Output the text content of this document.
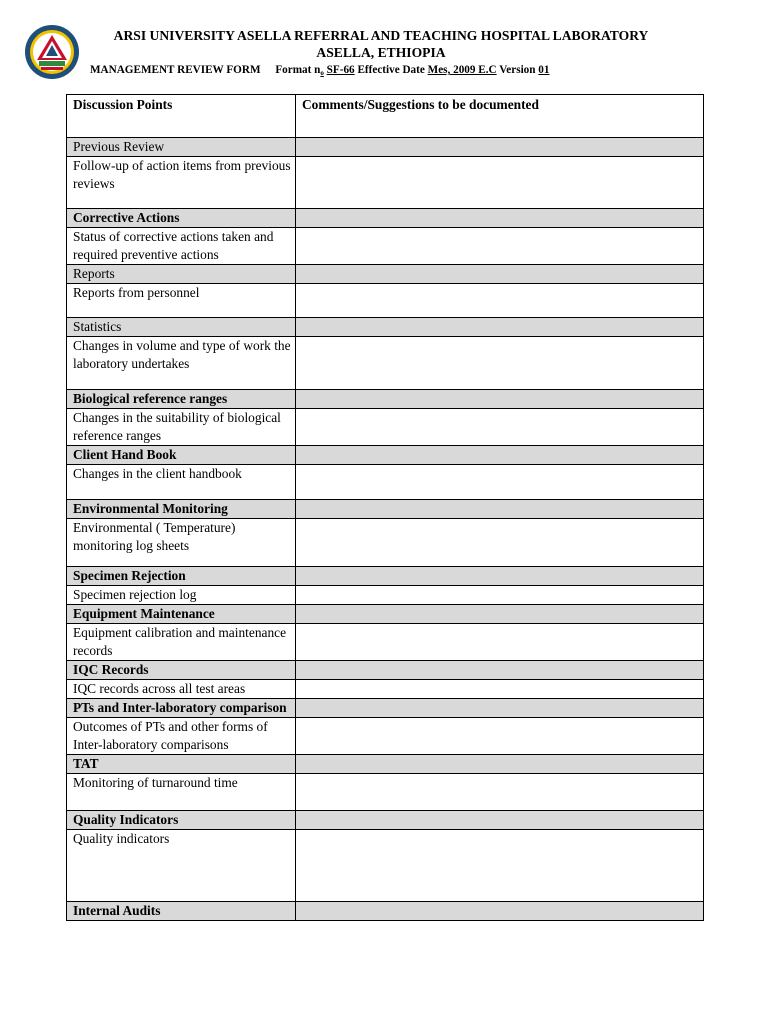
ARSI UNIVERSITY ASELLA REFERRAL AND TEACHING HOSPITAL LABORATORY
ASELLA, ETHIOPIA
MANAGEMENT REVIEW FORM Format $n_o$ SF-66 Effective Date Mes, 2009 E.C Version 01
Discussion Points	Comments/Suggestions to be documented
Previous Review	
Follow-up of action items from previous reviews	
Corrective Actions	
Status of corrective actions taken and required preventive actions	
Reports	
Reports from personnel	
Statistics	
Changes in volume and type of work the laboratory undertakes	
Biological reference ranges	
Changes in the suitability of biological reference ranges	
Client Hand Book	
Changes in the client handbook	
Environmental Monitoring	
Environmental ( Temperature) monitoring log sheets	
Specimen Rejection	
Specimen rejection log	
Equipment Maintenance	
Equipment calibration and maintenance records	
IQC Records	
IQC records across all test areas	
PTs and Inter-laboratory comparison	
Outcomes of PTs and other forms of Inter-laboratory comparisons	
TAT	
Monitoring of turnaround time	
Quality Indicators	
Quality indicators	
Internal Audits	
